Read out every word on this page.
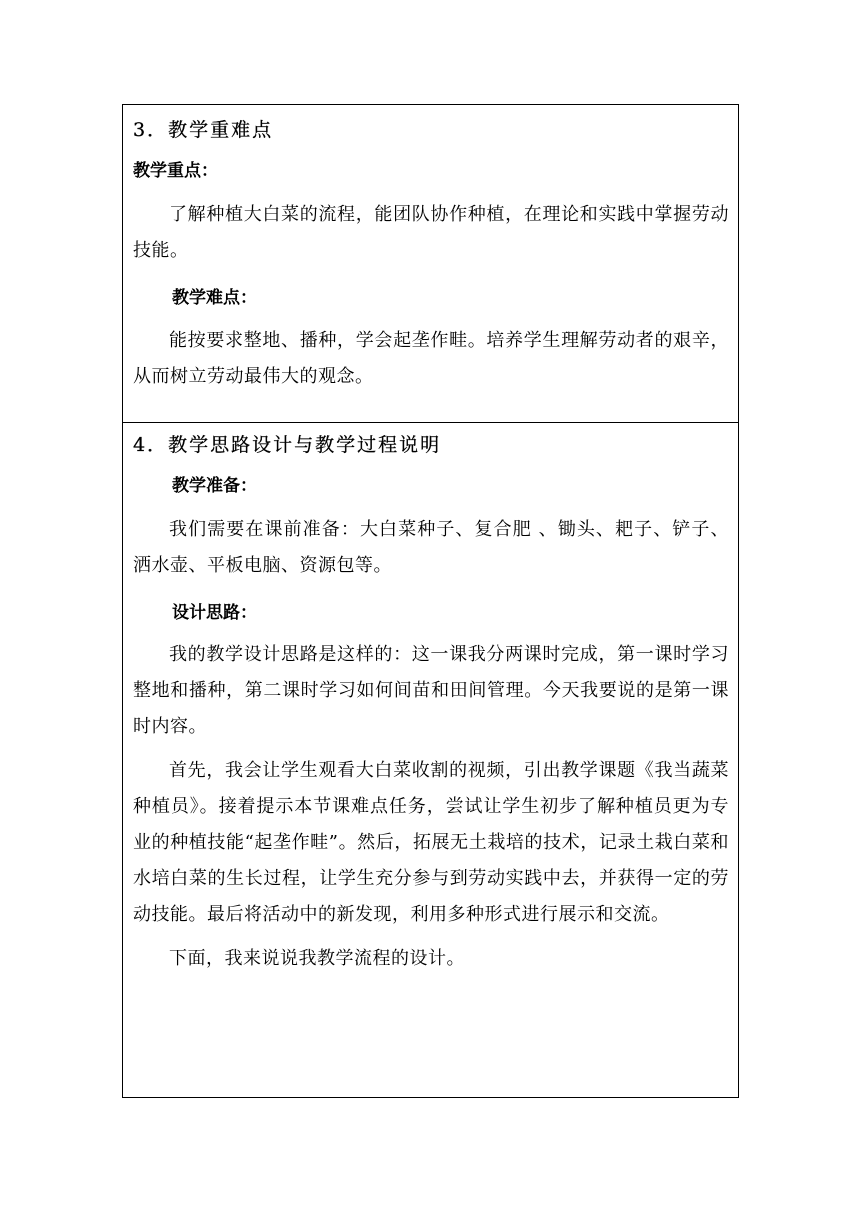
3．教学重难点

教学重点：

了解种植大白菜的流程，能团队协作种植，在理论和实践中掌握劳动技能。

教学难点：

能按要求整地、播种，学会起垄作畦。培养学生理解劳动者的艰辛，从而树立劳动最伟大的观念。

4．教学思路设计与教学过程说明

教学准备：

我们需要在课前准备：大白菜种子、复合肥 、锄头、耙子、铲子、洒水壶、平板电脑、资源包等。

设计思路：

我的教学设计思路是这样的：这一课我分两课时完成，第一课时学习整地和播种，第二课时学习如何间苗和田间管理。今天我要说的是第一课时内容。

首先，我会让学生观看大白菜收割的视频，引出教学课题《我当蔬菜种植员》。接着提示本节课难点任务，尝试让学生初步了解种植员更为专业的种植技能“起垄作畦”。然后，拓展无土栽培的技术，记录土栽白菜和水培白菜的生长过程，让学生充分参与到劳动实践中去，并获得一定的劳动技能。最后将活动中的新发现，利用多种形式进行展示和交流。

下面，我来说说我教学流程的设计。
